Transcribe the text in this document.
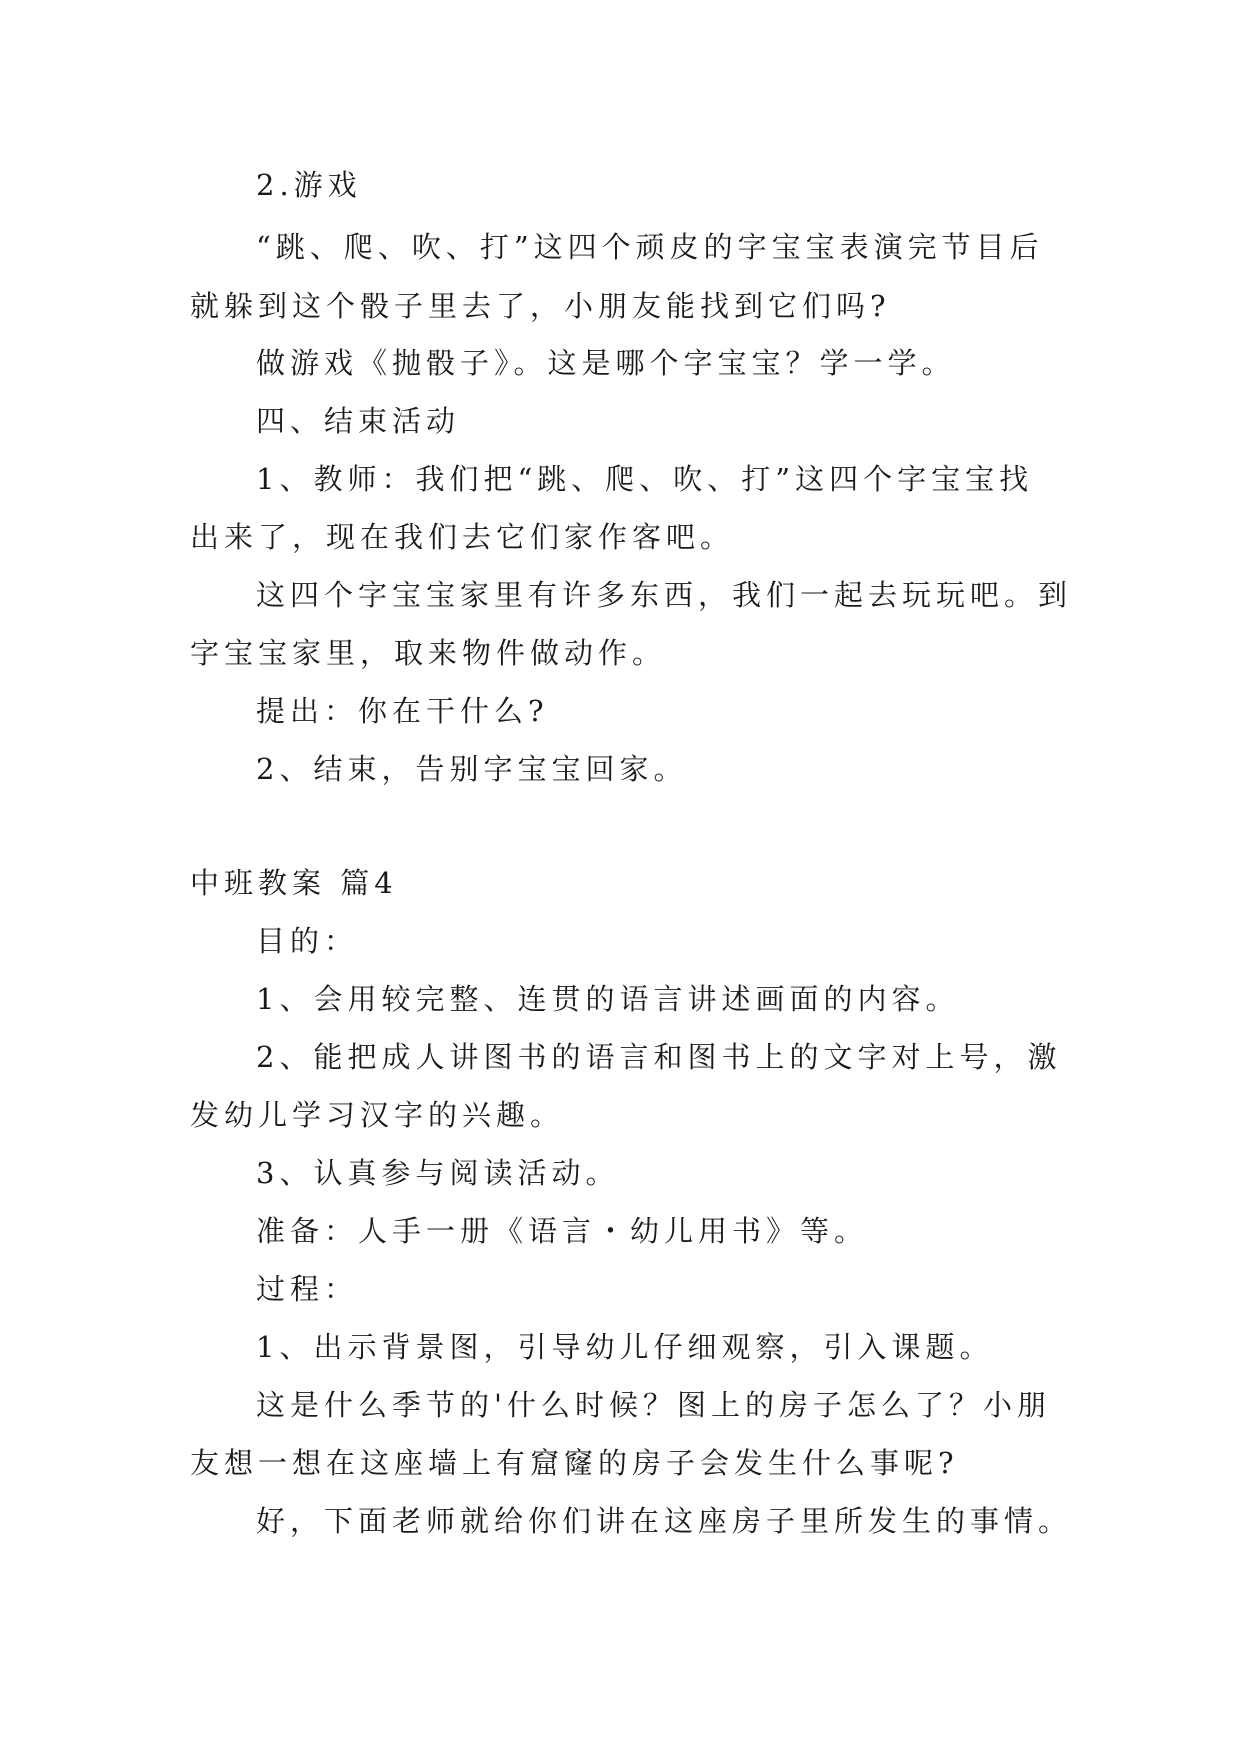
2.游戏
“跳、爬、吹、打”这四个顽皮的字宝宝表演完节目后
就躲到这个骰子里去了，小朋友能找到它们吗?
做游戏《抛骰子》。这是哪个字宝宝？学一学。
四、结束活动
1、教师：我们把“跳、爬、吹、打”这四个字宝宝找
出来了，现在我们去它们家作客吧。
这四个字宝宝家里有许多东西，我们一起去玩玩吧。到
字宝宝家里，取来物件做动作。
提出：你在干什么?
2、结束，告别字宝宝回家。
中班教案 篇4
目的：
1、会用较完整、连贯的语言讲述画面的内容。
2、能把成人讲图书的语言和图书上的文字对上号，激
发幼儿学习汉字的兴趣。
3、认真参与阅读活动。
准备：人手一册《语言・幼儿用书》等。
过程：
1、出示背景图，引导幼儿仔细观察，引入课题。
这是什么季节的'什么时候？图上的房子怎么了？小朋
友想一想在这座墙上有窟窿的房子会发生什么事呢?
好，下面老师就给你们讲在这座房子里所发生的事情。
